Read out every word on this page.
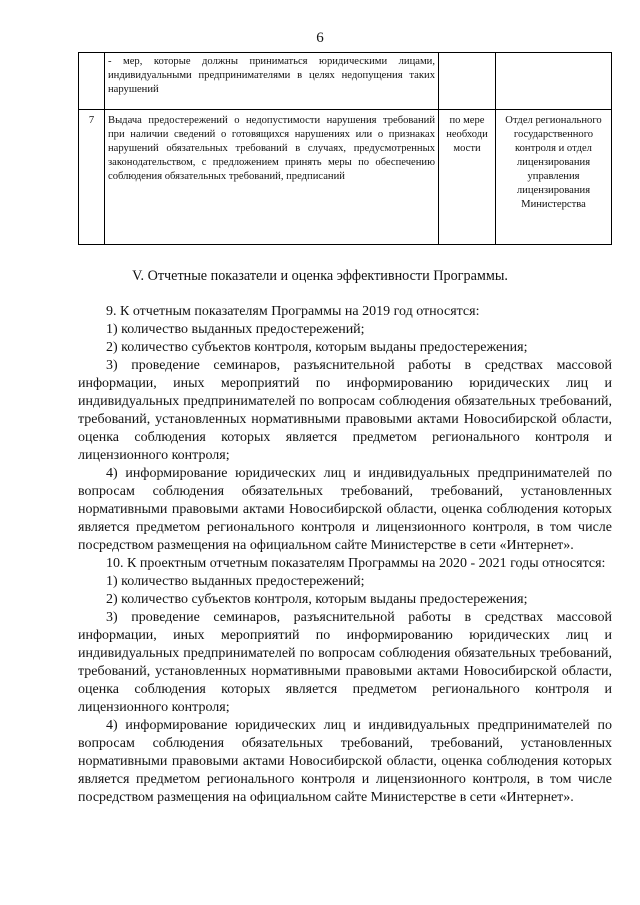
6
	- мер, которые должны приниматься юридическими лицами, индивидуальными предпринимателями в целях недопущения таких нарушений		
7	Выдача предостережений о недопустимости нарушения требований при наличии сведений о готовящихся нарушениях или о признаках нарушений обязательных требований в случаях, предусмотренных законодательством, с предложением принять меры по обеспечению соблюдения обязательных требований, предписаний	по мере необходи мости	Отдел регионального государственного контроля и отдел лицензирования управления лицензирования Министерства
V. Отчетные показатели и оценка эффективности Программы.

9. К отчетным показателям Программы на 2019 год относятся:

1) количество выданных предостережений;

2) количество субъектов контроля, которым выданы предостережения;

3) проведение семинаров, разъяснительной работы в средствах массовой информации, иных мероприятий по информированию юридических лиц и индивидуальных предпринимателей по вопросам соблюдения обязательных требований, требований, установленных нормативными правовыми актами Новосибирской области, оценка соблюдения которых является предметом регионального контроля и лицензионного контроля;

4) информирование юридических лиц и индивидуальных предпринимателей по вопросам соблюдения обязательных требований, требований, установленных нормативными правовыми актами Новосибирской области, оценка соблюдения которых является предметом регионального контроля и лицензионного контроля, в том числе посредством размещения на официальном сайте Министерстве в сети «Интернет».

10. К проектным отчетным показателям Программы на 2020 - 2021 годы относятся:

1) количество выданных предостережений;

2) количество субъектов контроля, которым выданы предостережения;

3) проведение семинаров, разъяснительной работы в средствах массовой информации, иных мероприятий по информированию юридических лиц и индивидуальных предпринимателей по вопросам соблюдения обязательных требований, требований, установленных нормативными правовыми актами Новосибирской области, оценка соблюдения которых является предметом регионального контроля и лицензионного контроля;

4) информирование юридических лиц и индивидуальных предпринимателей по вопросам соблюдения обязательных требований, требований, установленных нормативными правовыми актами Новосибирской области, оценка соблюдения которых является предметом регионального контроля и лицензионного контроля, в том числе посредством размещения на официальном сайте Министерстве в сети «Интернет».
